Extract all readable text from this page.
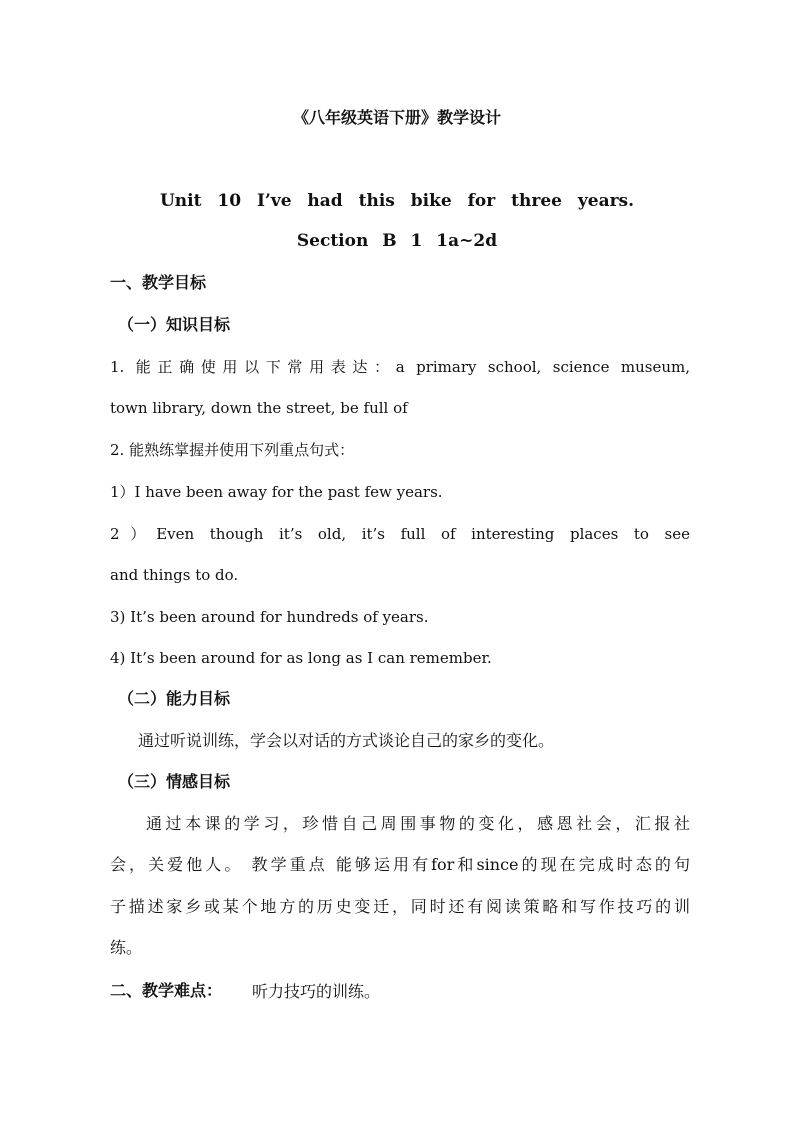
《八年级英语下册》教学设计
Unit 10 I’ve had this bike for three years.
Section B 1 1a~2d
一、教学目标
（一）知识目标
1. 能正确使用以下常用表达：a primary school, science museum,
town library, down the street, be full of
2. 能熟练掌握并使用下列重点句式：
1）I have been away for the past few years.
2）Even though it’s old, it’s full of interesting places to see
and things to do.
3) It’s been around for hundreds of years.
4) It’s been around for as long as I can remember.
（二）能力目标
通过听说训练，学会以对话的方式谈论自己的家乡的变化。
（三）情感目标
通过本课的学习，珍惜自己周围事物的变化，感恩社会，汇报社
会，关爱他人。 教学重点 能够运用有for和since的现在完成时态的句
子描述家乡或某个地方的历史变迁，同时还有阅读策略和写作技巧的训
练。
二、教学难点： 听力技巧的训练。
